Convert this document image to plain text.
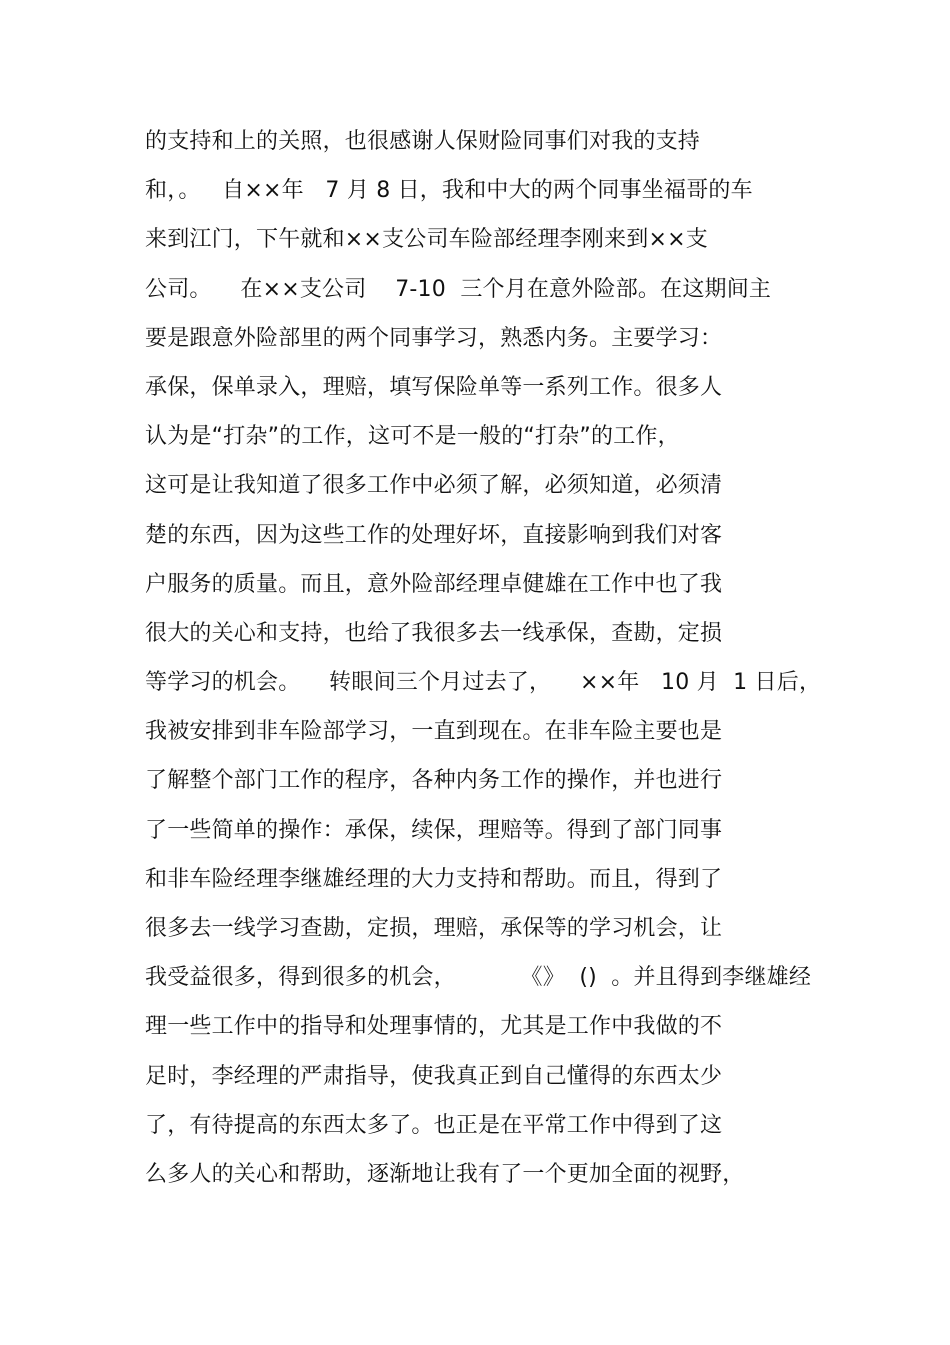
的支持和上的关照，也很感谢人保财险同事们对我的支持
和，。   自××年   7 月 8 日，我和中大的两个同事坐福哥的车
来到江门，下午就和××支公司车险部经理李刚来到××支
公司。    在××支公司    7-10  三个月在意外险部。在这期间主
要是跟意外险部里的两个同事学习，熟悉内务。主要学习：
承保，保单录入，理赔，填写保险单等一系列工作。很多人
认为是“打杂”的工作，这可不是一般的“打杂”的工作，
这可是让我知道了很多工作中必须了解，必须知道，必须清
楚的东西，因为这些工作的处理好坏，直接影响到我们对客
户服务的质量。而且，意外险部经理卓健雄在工作中也了我
很大的关心和支持，也给了我很多去一线承保，查勘，定损
等学习的机会。    转眼间三个月过去了，    ××年   10 月  1 日后，
我被安排到非车险部学习，一直到现在。在非车险主要也是
了解整个部门工作的程序，各种内务工作的操作，并也进行
了一些简单的操作：承保，续保，理赔等。得到了部门同事
和非车险经理李继雄经理的大力支持和帮助。而且，得到了
很多去一线学习查勘，定损，理赔，承保等的学习机会，让
我受益很多，得到很多的机会，         《》  ()  。并且得到李继雄经
理一些工作中的指导和处理事情的，尤其是工作中我做的不
足时，李经理的严肃指导，使我真正到自己懂得的东西太少
了，有待提高的东西太多了。也正是在平常工作中得到了这
么多人的关心和帮助，逐渐地让我有了一个更加全面的视野，
